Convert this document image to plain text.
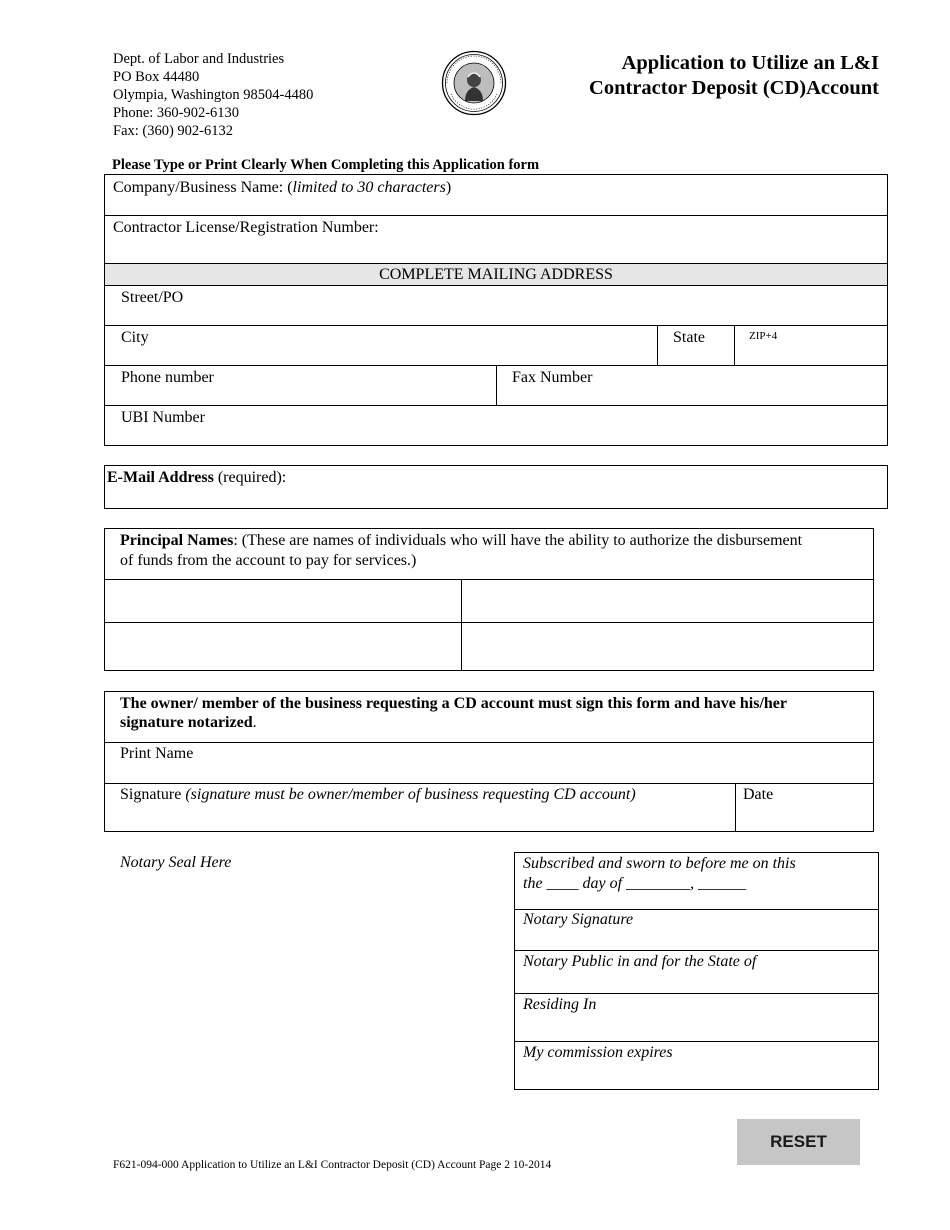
Dept. of Labor and Industries
PO Box 44480
Olympia, Washington 98504-4480
Phone: 360-902-6130
Fax: (360) 902-6132
Application to Utilize an L&I
Contractor Deposit (CD)Account
Please Type or Print Clearly When Completing this Application form
Company/Business Name: (limited to 30 characters)
Contractor License/Registration Number:
COMPLETE MAILING ADDRESS
Street/PO
City	State	ZIP+4
Phone number	Fax Number
UBI Number
E-Mail Address (required):
Principal Names: (These are names of individuals who will have the ability to authorize the disbursement
of funds from the account to pay for services.)
The owner/ member of the business requesting a CD account must sign this form and have his/her
signature notarized.
Print Name
Signature (signature must be owner/member of business requesting CD account)	Date
Notary Seal Here	Subscribed and sworn to before me on this
the ____ day of ________, ______
Notary Signature
Notary Public in and for the State of
Residing In
My commission expires
RESET
F621-094-000 Application to Utilize an L&I Contractor Deposit (CD) Account Page 2 10-2014
